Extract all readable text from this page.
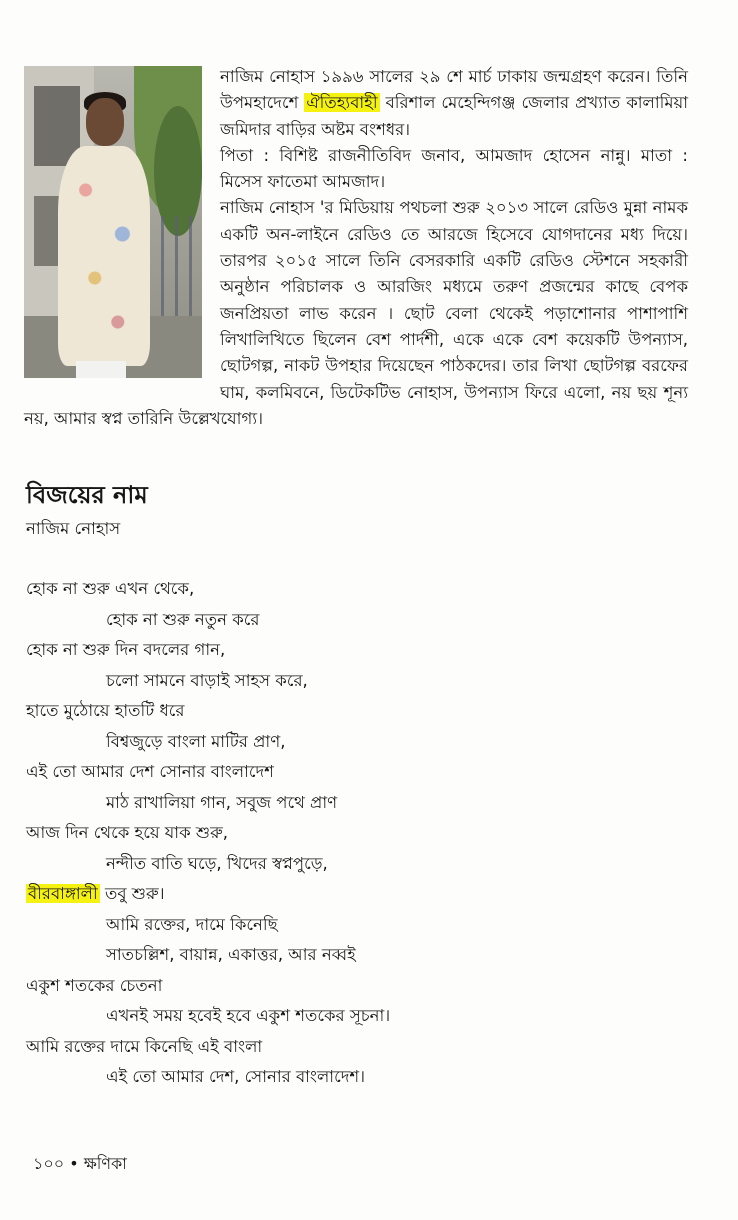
নাজিম নোহাস ১৯৯৬ সালের ২৯ শে মার্চ ঢাকায় জন্মগ্রহণ করেন। তিনি উপমহাদেশে ঐতিহ্যবাহী বরিশাল মেহেন্দিগঞ্জ জেলার প্রখ্যাত কালামিয়া জমিদার বাড়ির অষ্টম বংশধর।

পিতা : বিশিষ্ট রাজনীতিবিদ জনাব, আমজাদ হোসেন নান্নু। মাতা : মিসেস ফাতেমা আমজাদ।

নাজিম নোহাস 'র মিডিয়ায় পথচলা শুরু ২০১৩ সালে রেডিও মুন্না নামক একটি অন-লাইনে রেডিও তে আরজে হিসেবে যোগদানের মধ্য দিয়ে। তারপর ২০১৫ সালে তিনি বেসরকারি একটি রেডিও স্টেশনে সহকারী অনুষ্ঠান পরিচালক ও আরজিং মধ্যমে তরুণ প্রজন্মের কাছে বেপক জনপ্রিয়তা লাভ করেন । ছোট বেলা থেকেই পড়াশোনার পাশাপাশি লিখালিখিতে ছিলেন বেশ পার্দশী, একে একে বেশ কয়েকটি উপন্যাস, ছোটগল্প, নাকট উপহার দিয়েছেন পাঠকদের। তার লিখা ছোটগল্প বরফের ঘাম, কলমিবনে, ডিটেকটিভ নোহাস, উপন্যাস ফিরে এলো, নয় ছয় শূন্য নয়, আমার স্বপ্ন তারিনি উল্লেখযোগ্য।

বিজয়ের নাম
নাজিম নোহাস
হোক না শুরু এখন থেকে,
হোক না শুরু নতুন করে
হোক না শুরু দিন বদলের গান,
চলো সামনে বাড়াই সাহস করে,
হাতে মুঠোয়ে হাতটি ধরে
বিশ্বজুড়ে বাংলা মাটির প্রাণ,
এই তো আমার দেশ সোনার বাংলাদেশ
মাঠ রাখালিয়া গান, সবুজ পথে প্রাণ
আজ দিন থেকে হয়ে যাক শুরু,
নন্দীত বাতি ঘড়ে, খিদের স্বপ্নপুড়ে,
বীরবাঙ্গালী তবু শুরু।
আমি রক্তের, দামে কিনেছি
সাতচল্লিশ, বায়ান্ন, একাত্তর, আর নব্বই
একুশ শতকের চেতনা
এখনই সময় হবেই হবে একুশ শতকের সূচনা।
আমি রক্তের দামে কিনেছি এই বাংলা
এই তো আমার দেশ, সোনার বাংলাদেশ।
১০০ • ক্ষণিকা
